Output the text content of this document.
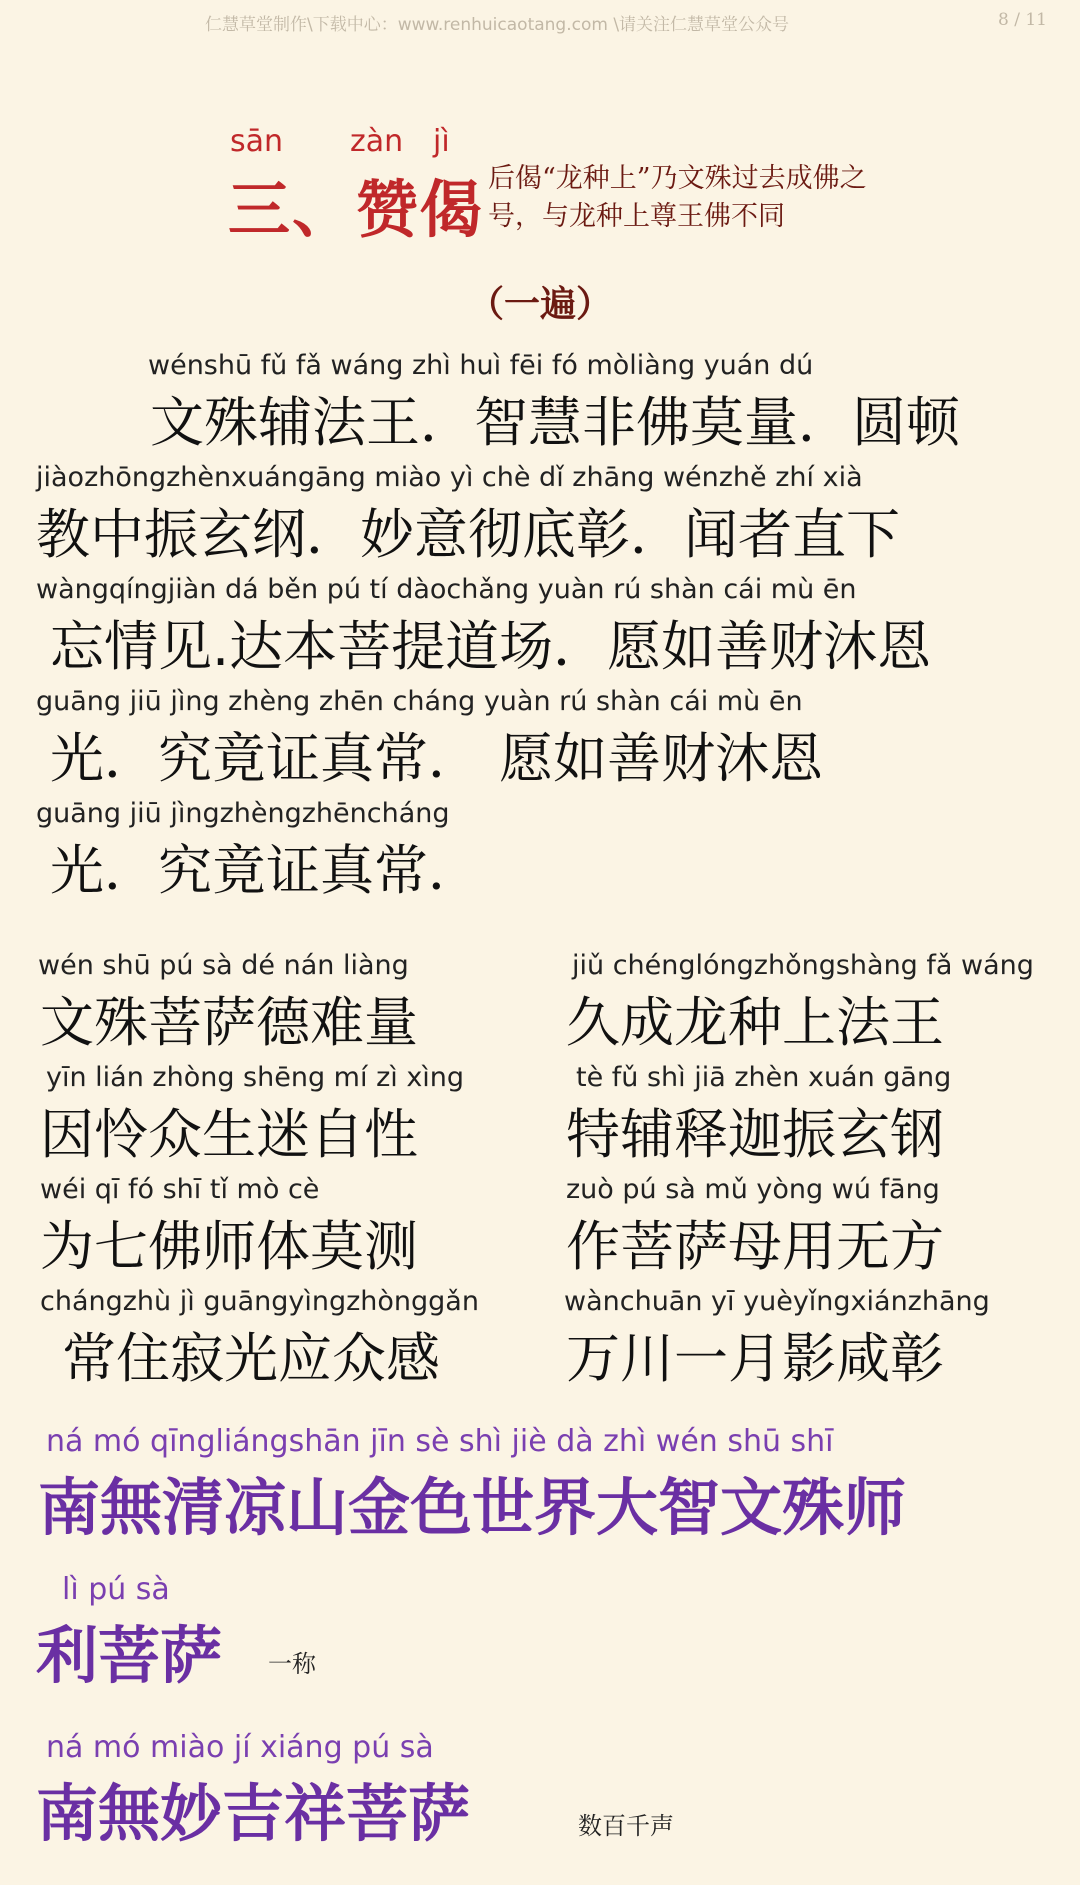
仁慧草堂制作\下载中心：www.renhuicaotang.com \请关注仁慧草堂公众号	8 / 11
sān zàn jì
三、赞偈 后偈“龙种上”乃文殊过去成佛之号，与龙种上尊王佛不同
（一遍）
wénshū fǔ fǎ wáng zhì huì fēi fó mòliàng yuán dú
文殊辅法王．智慧非佛莫量．圆顿
jiàozhōngzhènxuángāng miào yì chè dǐ zhāng wénzhě zhí xià
教中振玄纲．妙意彻底彰．闻者直下
wàngqíngjiàn dá běn pú tí dàochǎng yuàn rú shàn cái mù ēn
忘情见.达本菩提道场．愿如善财沐恩
guāng jiū jìng zhèng zhēn cháng yuàn rú shàn cái mù ēn
光．究竟证真常． 愿如善财沐恩
guāng jiū jìngzhèngzhēncháng
光．究竟证真常．
wén shū pú sà dé nán liàng
文殊菩萨德难量
jiǔ chénglóngzhǒngshàng fǎ wáng
久成龙种上法王
yīn lián zhòng shēng mí zì xìng
因怜众生迷自性
tè fǔ shì jiā zhèn xuán gāng
特辅释迦振玄钢
wéi qī fó shī tǐ mò cè
为七佛师体莫测
zuò pú sà mǔ yòng wú fāng
作菩萨母用无方
chángzhù jì guāngyìngzhònggǎn
常住寂光应众感
wànchuān yī yuèyǐngxiánzhāng
万川一月影咸彰
ná mó qīngliángshān jīn sè shì jiè dà zhì wén shū shī
南無清凉山金色世界大智文殊师
lì pú sà
利菩萨 一称
ná mó miào jí xiáng pú sà
南無妙吉祥菩萨	数百千声
